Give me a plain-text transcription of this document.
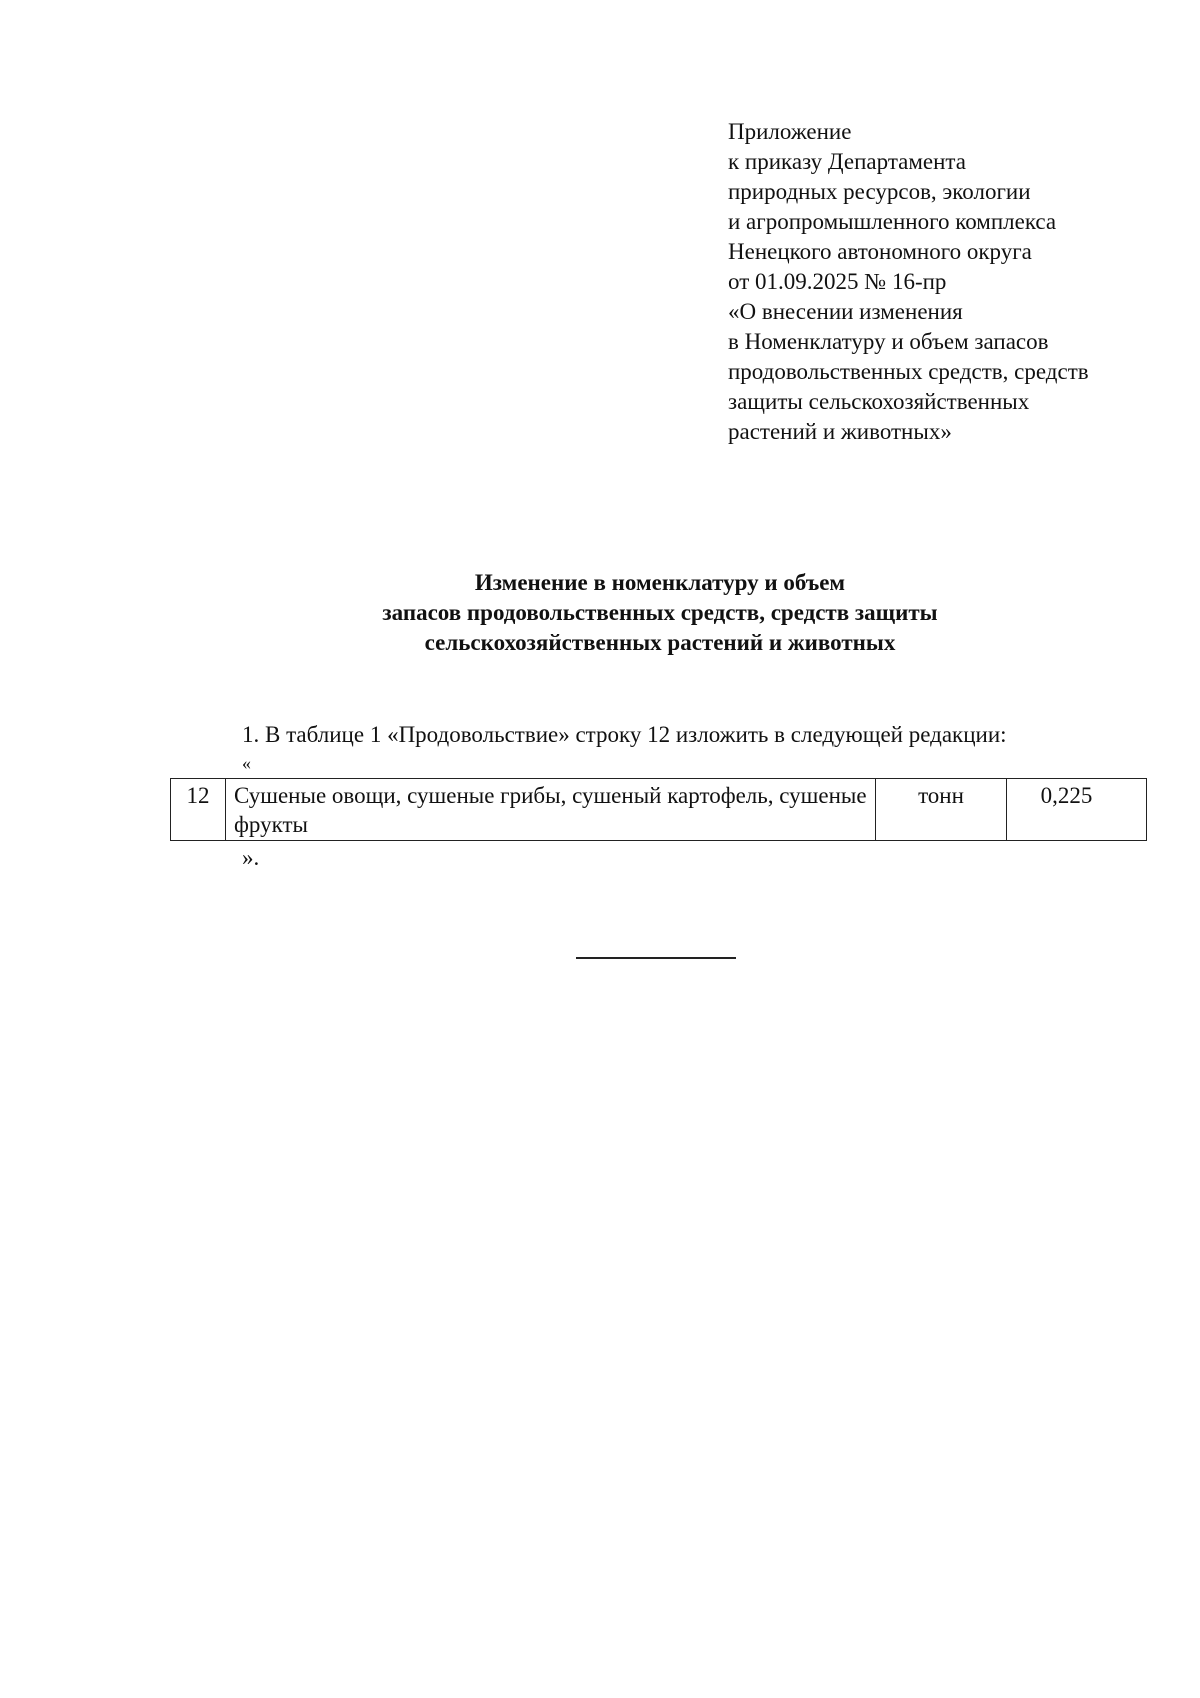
Приложение
к приказу Департамента
природных ресурсов, экологии
и агропромышленного комплекса
Ненецкого автономного округа
от 01.09.2025 № 16-пр
«О внесении изменения
в Номенклатуру и объем запасов
продовольственных средств, средств
защиты сельскохозяйственных
растений и животных»
Изменение в номенклатуру и объем
запасов продовольственных средств, средств защиты
сельскохозяйственных растений и животных
1. В таблице 1 «Продовольствие» строку 12 изложить в следующей редакции:
«
12	Сушеные овощи, сушеные грибы, сушеный картофель, сушеные фрукты	тонн	0,225
».
